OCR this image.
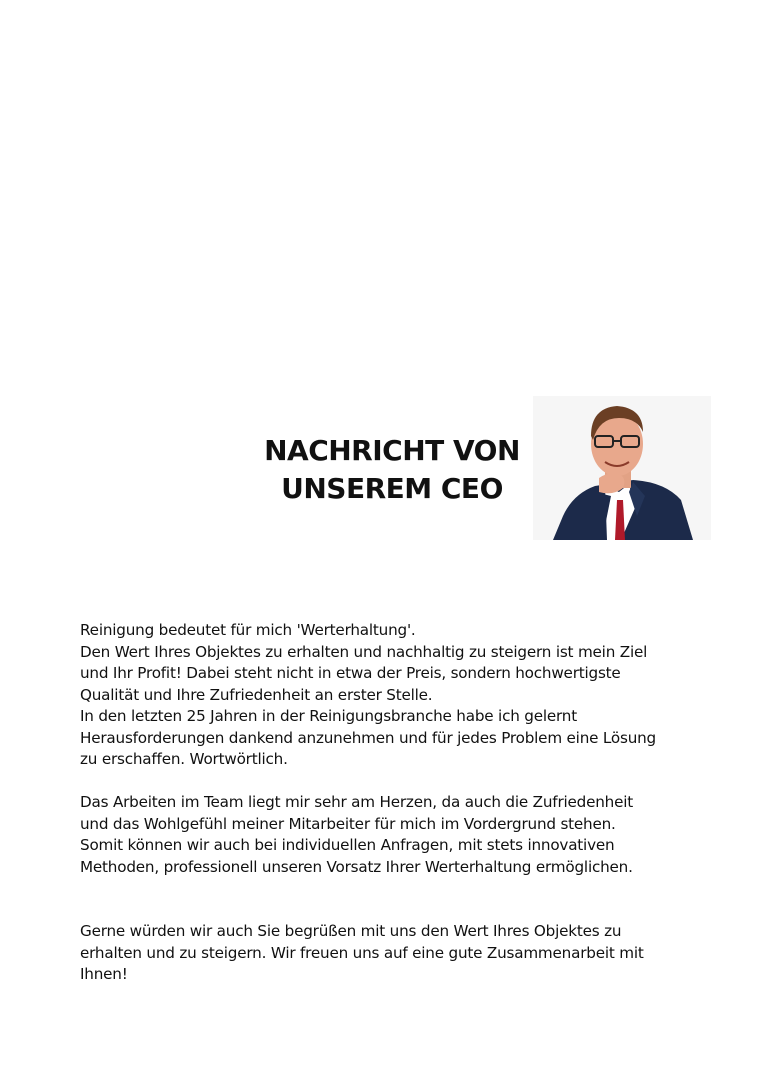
NACHRICHT VON
UNSEREM CEO
Reinigung bedeutet für mich 'Werterhaltung'.
Den Wert Ihres Objektes zu erhalten und nachhaltig zu steigern ist mein Ziel
und Ihr Profit! Dabei steht nicht in etwa der Preis, sondern hochwertigste
Qualität und Ihre Zufriedenheit an erster Stelle.
In den letzten 25 Jahren in der Reinigungsbranche habe ich gelernt
Herausforderungen dankend anzunehmen und für jedes Problem eine Lösung
zu erschaffen. Wortwörtlich.
Das Arbeiten im Team liegt mir sehr am Herzen, da auch die Zufriedenheit
und das Wohlgefühl meiner Mitarbeiter für mich im Vordergrund stehen.
Somit können wir auch bei individuellen Anfragen, mit stets innovativen
Methoden, professionell unseren Vorsatz Ihrer Werterhaltung ermöglichen.
Gerne würden wir auch Sie begrüßen mit uns den Wert Ihres Objektes zu
erhalten und zu steigern. Wir freuen uns auf eine gute Zusammenarbeit mit
Ihnen!
